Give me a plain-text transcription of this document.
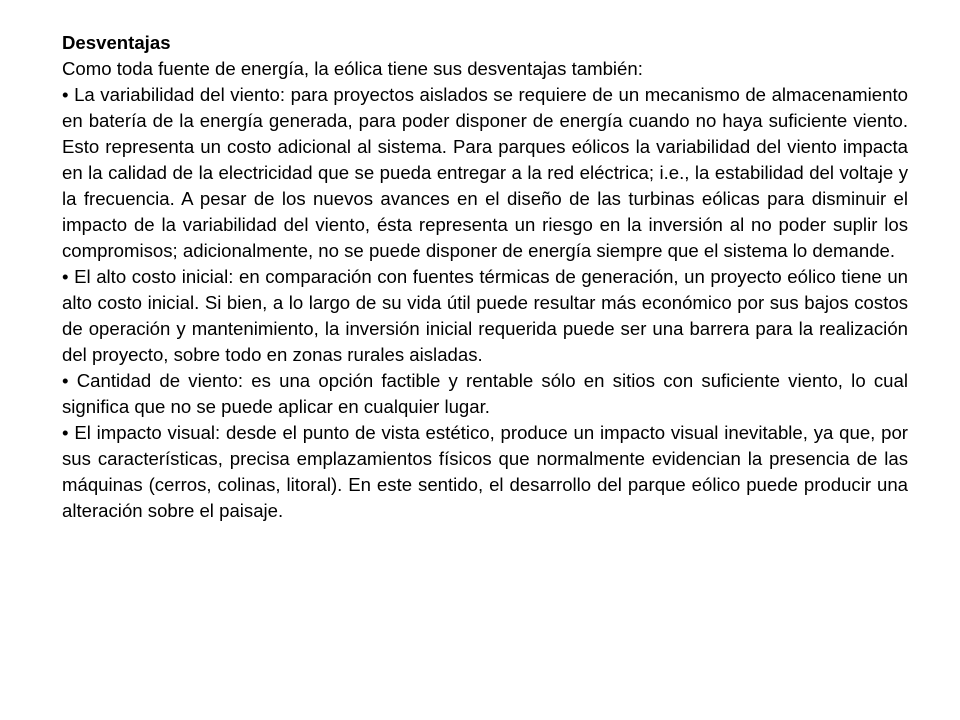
Desventajas

Como toda fuente de energía, la eólica tiene sus desventajas también:

• La variabilidad del viento: para proyectos aislados se requiere de un mecanismo de almacenamiento en batería de la energía generada, para poder disponer de energía cuando no haya suficiente viento. Esto representa un costo adicional al sistema. Para parques eólicos la variabilidad del viento impacta en la calidad de la electricidad que se pueda entregar a la red eléctrica; i.e., la estabilidad del voltaje y la frecuencia. A pesar de los nuevos avances en el diseño de las turbinas eólicas para disminuir el impacto de la variabilidad del viento, ésta representa un riesgo en la inversión al no poder suplir los compromisos; adicionalmente, no se puede disponer de energía siempre que el sistema lo demande.

• El alto costo inicial: en comparación con fuentes térmicas de generación, un proyecto eólico tiene un alto costo inicial. Si bien, a lo largo de su vida útil puede resultar más económico por sus bajos costos de operación y mantenimiento, la inversión inicial requerida puede ser una barrera para la realización del proyecto, sobre todo en zonas rurales aisladas.

• Cantidad de viento: es una opción factible y rentable sólo en sitios con suficiente viento, lo cual significa que no se puede aplicar en cualquier lugar.

• El impacto visual: desde el punto de vista estético, produce un impacto visual inevitable, ya que, por sus características, precisa emplazamientos físicos que normalmente evidencian la presencia de las máquinas (cerros, colinas, litoral). En este sentido, el desarrollo del parque eólico puede producir una alteración sobre el paisaje.
